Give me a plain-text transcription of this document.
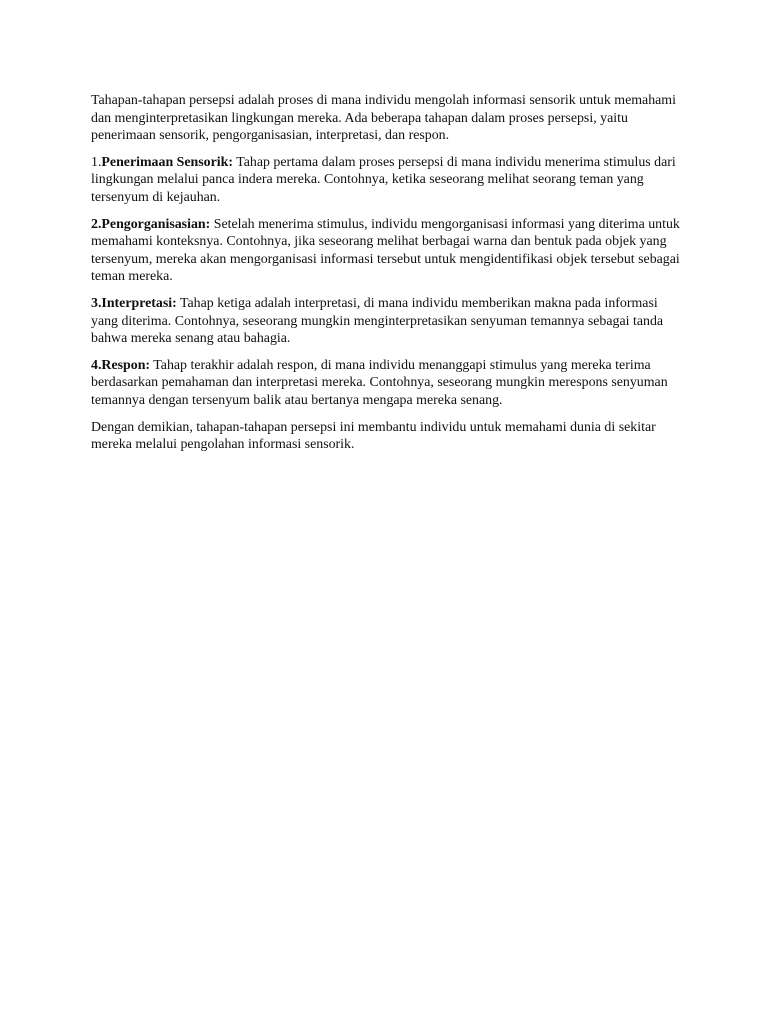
Tahapan-tahapan persepsi adalah proses di mana individu mengolah informasi sensorik untuk memahami dan menginterpretasikan lingkungan mereka. Ada beberapa tahapan dalam proses persepsi, yaitu penerimaan sensorik, pengorganisasian, interpretasi, dan respon.

1.Penerimaan Sensorik: Tahap pertama dalam proses persepsi di mana individu menerima stimulus dari lingkungan melalui panca indera mereka. Contohnya, ketika seseorang melihat seorang teman yang tersenyum di kejauhan.

2.Pengorganisasian: Setelah menerima stimulus, individu mengorganisasi informasi yang diterima untuk memahami konteksnya. Contohnya, jika seseorang melihat berbagai warna dan bentuk pada objek yang tersenyum, mereka akan mengorganisasi informasi tersebut untuk mengidentifikasi objek tersebut sebagai teman mereka.

3.Interpretasi: Tahap ketiga adalah interpretasi, di mana individu memberikan makna pada informasi yang diterima. Contohnya, seseorang mungkin menginterpretasikan senyuman temannya sebagai tanda bahwa mereka senang atau bahagia.

4.Respon: Tahap terakhir adalah respon, di mana individu menanggapi stimulus yang mereka terima berdasarkan pemahaman dan interpretasi mereka. Contohnya, seseorang mungkin merespons senyuman temannya dengan tersenyum balik atau bertanya mengapa mereka senang.

Dengan demikian, tahapan-tahapan persepsi ini membantu individu untuk memahami dunia di sekitar mereka melalui pengolahan informasi sensorik.
